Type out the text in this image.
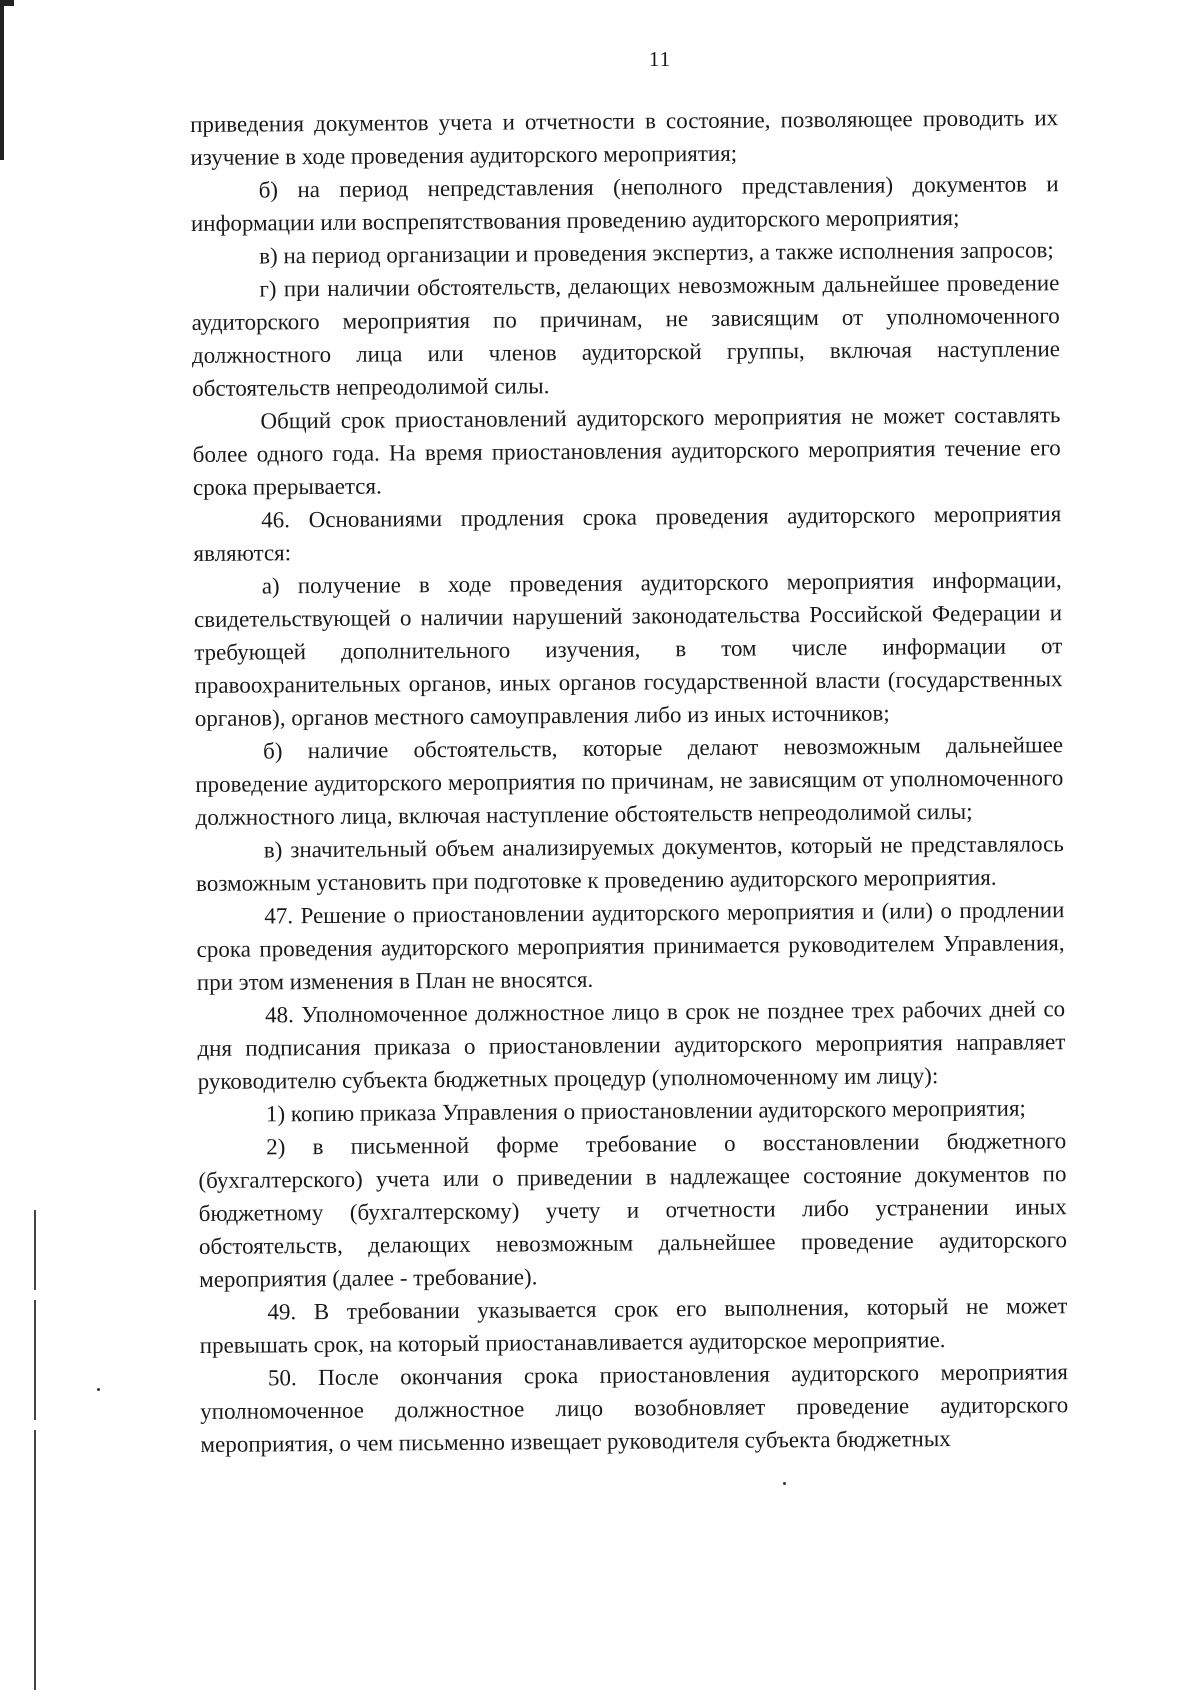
11

приведения документов учета и отчетности в состояние, позволяющее проводить их изучение в ходе проведения аудиторского мероприятия;

б) на период непредставления (неполного представления) документов и информации или воспрепятствования проведению аудиторского мероприятия;

в) на период организации и проведения экспертиз, а также исполнения запросов;

г) при наличии обстоятельств, делающих невозможным дальнейшее проведение аудиторского мероприятия по причинам, не зависящим от уполномоченного должностного лица или членов аудиторской группы, включая наступление обстоятельств непреодолимой силы.

Общий срок приостановлений аудиторского мероприятия не может составлять более одного года. На время приостановления аудиторского мероприятия течение его срока прерывается.

46. Основаниями продления срока проведения аудиторского мероприятия являются:

а) получение в ходе проведения аудиторского мероприятия информации, свидетельствующей о наличии нарушений законодательства Российской Федерации и требующей дополнительного изучения, в том числе информации от правоохранительных органов, иных органов государственной власти (государственных органов), органов местного самоуправления либо из иных источников;

б) наличие обстоятельств, которые делают невозможным дальнейшее проведение аудиторского мероприятия по причинам, не зависящим от уполномоченного должностного лица, включая наступление обстоятельств непреодолимой силы;

в) значительный объем анализируемых документов, который не представлялось возможным установить при подготовке к проведению аудиторского мероприятия.

47. Решение о приостановлении аудиторского мероприятия и (или) о продлении срока проведения аудиторского мероприятия принимается руководителем Управления, при этом изменения в План не вносятся.

48. Уполномоченное должностное лицо в срок не позднее трех рабочих дней со дня подписания приказа о приостановлении аудиторского мероприятия направляет руководителю субъекта бюджетных процедур (уполномоченному им лицу):

1) копию приказа Управления о приостановлении аудиторского мероприятия;

2) в письменной форме требование о восстановлении бюджетного (бухгалтерского) учета или о приведении в надлежащее состояние документов по бюджетному (бухгалтерскому) учету и отчетности либо устранении иных обстоятельств, делающих невозможным дальнейшее проведение аудиторского мероприятия (далее - требование).

49. В требовании указывается срок его выполнения, который не может превышать срок, на который приостанавливается аудиторское мероприятие.

50. После окончания срока приостановления аудиторского мероприятия уполномоченное должностное лицо возобновляет проведение аудиторского мероприятия, о чем письменно извещает руководителя субъекта бюджетных
